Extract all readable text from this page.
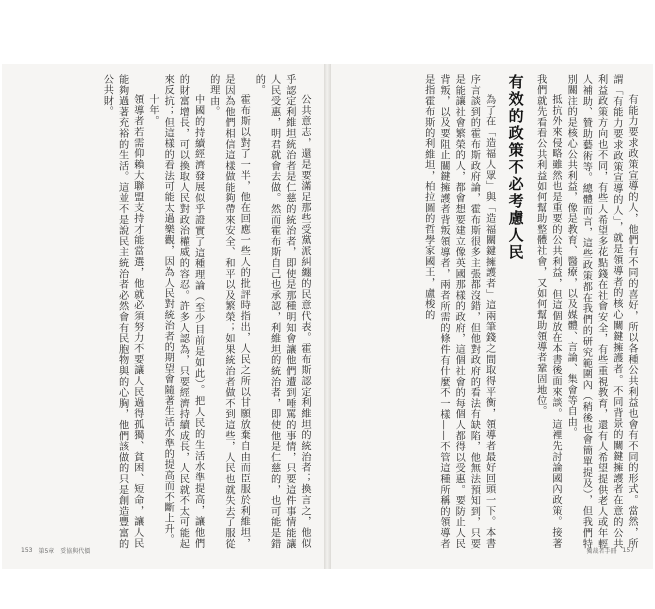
公共意志，還是要滿足那些受黨派糾纏的民意代表。霍布斯認定利維坦的統治者；換言之，他似乎認定利維坦統治者是仁慈的統治者，即使是那種明知會讓他們遭到唾罵的事情，只要這件事情能讓人民受惠，明君就會去做。然而霍布斯自己也承認，利維坦的統治者，即使他是仁慈的，也可能是錯的。

霍布斯以對了一半，他在回應一些人的批評時指出，人民之所以甘願放棄自由而臣服於利維坦，是因為他們相信這樣做能夠帶來安全、和平以及繁榮；如果統治者做不到這些，人民也就失去了服從的理由。

中國的持續經濟發展似乎證實了這種理論（至少目前是如此）。把人民的生活水準提高，讓他們的財富增長，可以換取人民對政治權威的容忍。許多人認為，只要經濟持續成長，人民就不太可能起來反抗；但這樣的看法可能太過樂觀，因為人民對統治者的期望會隨著生活水準的提高而不斷上升。

十年。

領導者若需仰賴大聯盟支持才能當選，他就必須努力不要讓人民過得孤獨、貧困、短命，讓人民能夠過著充裕的生活。這並不是說民主統治者必然會有民胞物與的心胸，他們該做的只是創造豐富的公共財。

153 第5章 妥協與代價

有能力要求政策宣導的人，他們有不同的喜好，所以各種公共利益也會有不同的形式。當然，所謂「有能力要求政策宣導的人」，就是領導者的核心關鍵擁護者。不同背景的關鍵擁護者在意的公共利益政策方向也不同，有些人希望多花點錢在社會安全，有些重視教育，還有人希望提供老人或年輕人補助、贊助藝術等。總體而言，這些政策都在我們的研究範圍內（稍後也會簡單提及），但我們特別關注的是核心公共利益，像是教育、醫療，以及媒體、言論、集會等自由。

抵抗外來侵略雖然也是重要的公共利益，但這個放在本書後面來談。這裡先討論國內政策。接著我們就先看看公共利益如何幫助整體社會，又如何幫助領導者鞏固地位。

有效的政策不必考慮人民

為了在「造福人眾」與「造福關鍵擁護者」這兩筆錢之間取得平衡，領導者最好回頭一下。本書序言談到的霍布斯政府論，霍布斯很多主張都沒錯，但他對政府的看法有缺陷，他無法預知到，只要是能讓社會繁榮的人，都會想要建立像英國那樣的政府，這個社會的每個人都得以受惠。要防止人民背叛，以及要阻止關鍵擁護者背叛領導者，兩者所需的條件有什麼不一樣——不管這種所稱的領導者是指霍布斯的利維坦，柏拉圖的哲學家國王，盧梭的

獨裁者手冊 157
